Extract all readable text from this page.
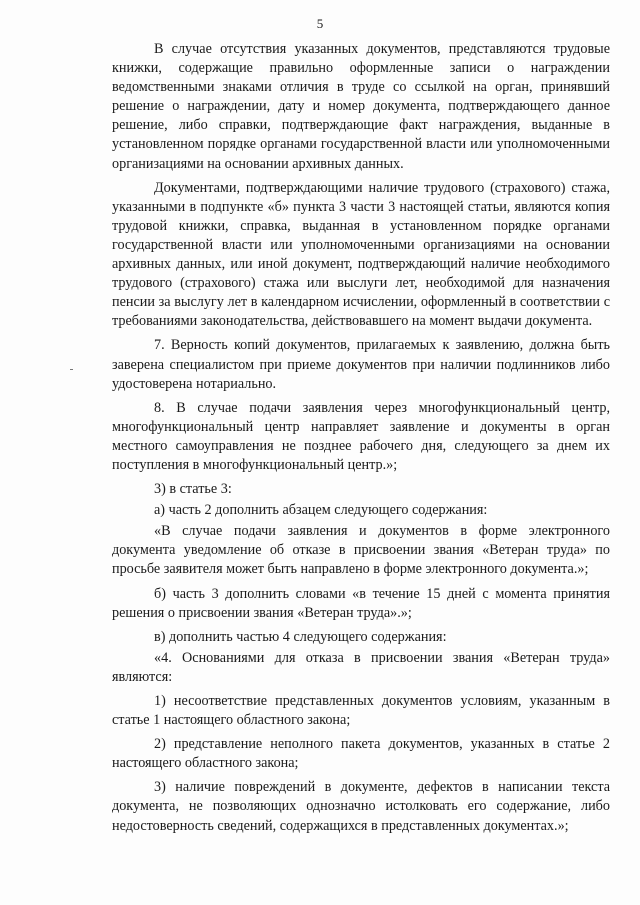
5

В случае отсутствия указанных документов, представляются трудовые книжки, содержащие правильно оформленные записи о награждении ведомственными знаками отличия в труде со ссылкой на орган, принявший решение о награждении, дату и номер документа, подтверждающего данное решение, либо справки, подтверждающие факт награждения, выданные в установленном порядке органами государственной власти или уполномоченными организациями на основании архивных данных.

Документами, подтверждающими наличие трудового (страхового) стажа, указанными в подпункте «б» пункта 3 части 3 настоящей статьи, являются копия трудовой книжки, справка, выданная в установленном порядке органами государственной власти или уполномоченными организациями на основании архивных данных, или иной документ, подтверждающий наличие необходимого трудового (страхового) стажа или выслуги лет, необходимой для назначения пенсии за выслугу лет в календарном исчислении, оформленный в соответствии с требованиями законодательства, действовавшего на момент выдачи документа.

7. Верность копий документов, прилагаемых к заявлению, должна быть заверена специалистом при приеме документов при наличии подлинников либо удостоверена нотариально.

8. В случае подачи заявления через многофункциональный центр, многофункциональный центр направляет заявление и документы в орган местного самоуправления не позднее рабочего дня, следующего за днем их поступления в многофункциональный центр.»;

3) в статье 3:

а) часть 2 дополнить абзацем следующего содержания:

«В случае подачи заявления и документов в форме электронного документа уведомление об отказе в присвоении звания «Ветеран труда» по просьбе заявителя может быть направлено в форме электронного документа.»;

б) часть 3 дополнить словами «в течение 15 дней с момента принятия решения о присвоении звания «Ветеран труда».»;

в) дополнить частью 4 следующего содержания:

«4. Основаниями для отказа в присвоении звания «Ветеран труда» являются:

1) несоответствие представленных документов условиям, указанным в статье 1 настоящего областного закона;

2) представление неполного пакета документов, указанных в статье 2 настоящего областного закона;

3) наличие повреждений в документе, дефектов в написании текста документа, не позволяющих однозначно истолковать его содержание, либо недостоверность сведений, содержащихся в представленных документах.»;
